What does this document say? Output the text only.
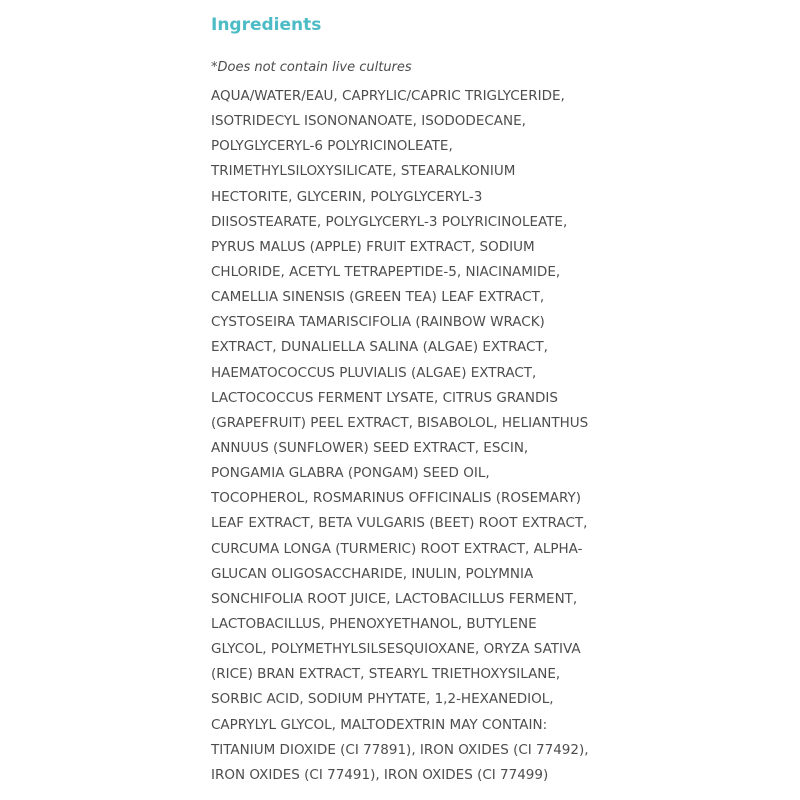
Ingredients
*Does not contain live cultures
AQUA/WATER/EAU, CAPRYLIC/CAPRIC TRIGLYCERIDE,
ISOTRIDECYL ISONONANOATE, ISODODECANE,
POLYGLYCERYL-6 POLYRICINOLEATE,
TRIMETHYLSILOXYSILICATE, STEARALKONIUM
HECTORITE, GLYCERIN, POLYGLYCERYL-3
DIISOSTEARATE, POLYGLYCERYL-3 POLYRICINOLEATE,
PYRUS MALUS (APPLE) FRUIT EXTRACT, SODIUM
CHLORIDE, ACETYL TETRAPEPTIDE-5, NIACINAMIDE,
CAMELLIA SINENSIS (GREEN TEA) LEAF EXTRACT,
CYSTOSEIRA TAMARISCIFOLIA (RAINBOW WRACK)
EXTRACT, DUNALIELLA SALINA (ALGAE) EXTRACT,
HAEMATOCOCCUS PLUVIALIS (ALGAE) EXTRACT,
LACTOCOCCUS FERMENT LYSATE, CITRUS GRANDIS
(GRAPEFRUIT) PEEL EXTRACT, BISABOLOL, HELIANTHUS
ANNUUS (SUNFLOWER) SEED EXTRACT, ESCIN,
PONGAMIA GLABRA (PONGAM) SEED OIL,
TOCOPHEROL, ROSMARINUS OFFICINALIS (ROSEMARY)
LEAF EXTRACT, BETA VULGARIS (BEET) ROOT EXTRACT,
CURCUMA LONGA (TURMERIC) ROOT EXTRACT, ALPHA-
GLUCAN OLIGOSACCHARIDE, INULIN, POLYMNIA
SONCHIFOLIA ROOT JUICE, LACTOBACILLUS FERMENT,
LACTOBACILLUS, PHENOXYETHANOL, BUTYLENE
GLYCOL, POLYMETHYLSILSESQUIOXANE, ORYZA SATIVA
(RICE) BRAN EXTRACT, STEARYL TRIETHOXYSILANE,
SORBIC ACID, SODIUM PHYTATE, 1,2-HEXANEDIOL,
CAPRYLYL GLYCOL, MALTODEXTRIN MAY CONTAIN:
TITANIUM DIOXIDE (CI 77891), IRON OXIDES (CI 77492),
IRON OXIDES (CI 77491), IRON OXIDES (CI 77499)
